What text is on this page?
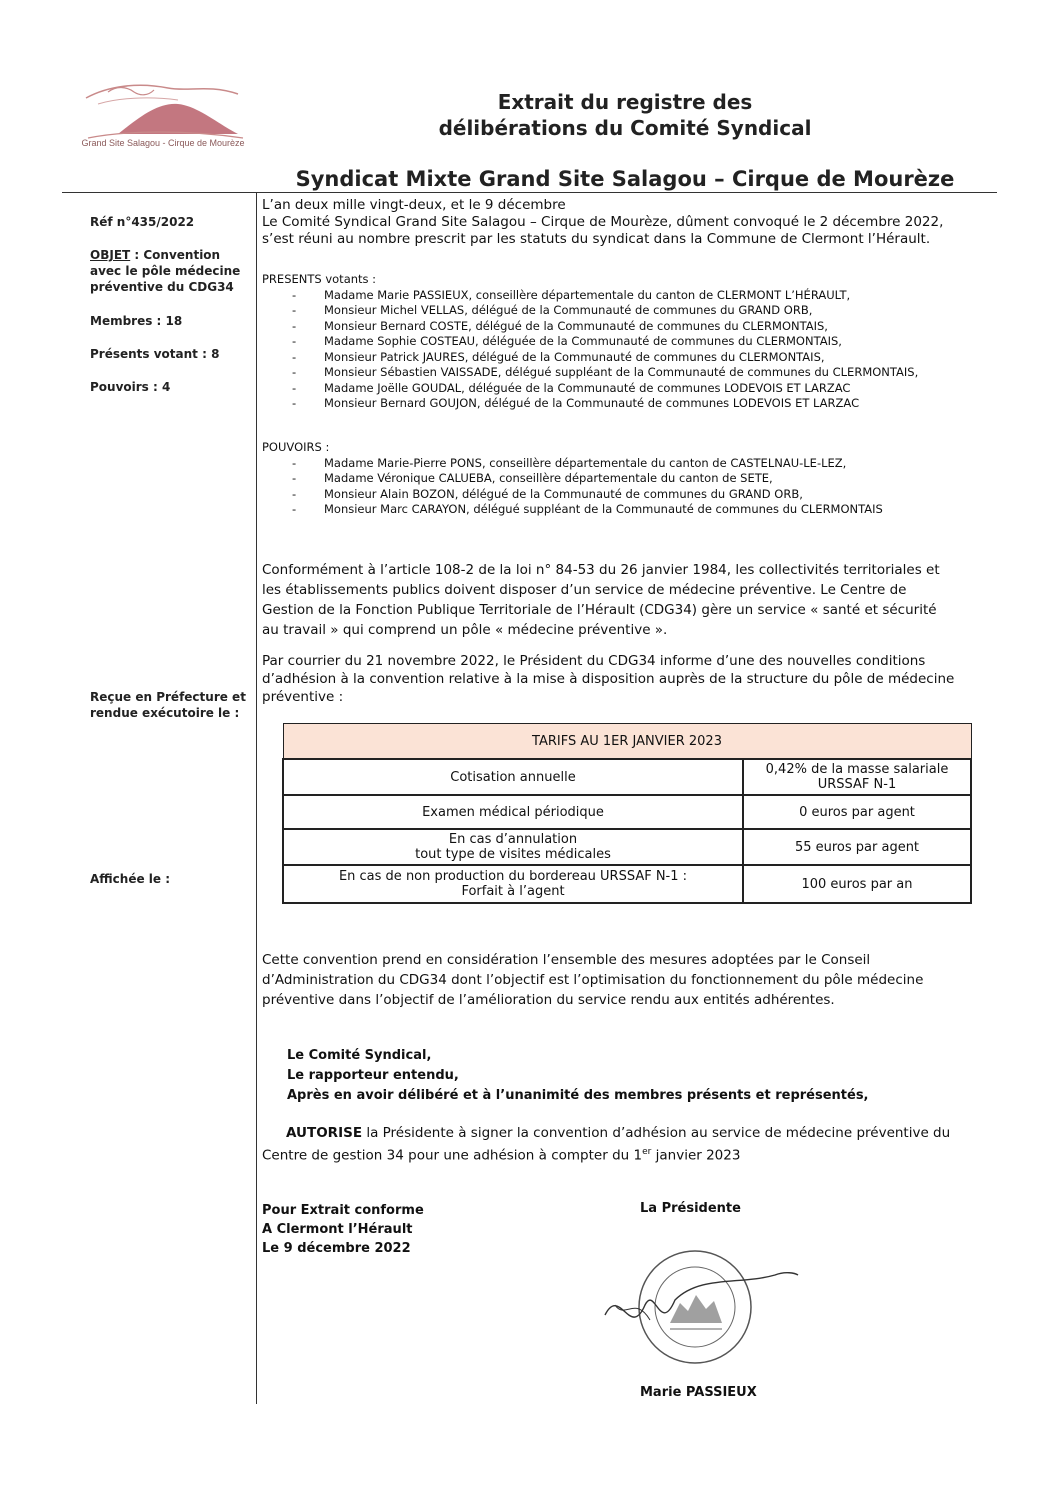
Grand Site Salagou - Cirque de Mourèze
Extrait du registre des
délibérations du Comité Syndical
Syndicat Mixte Grand Site Salagou – Cirque de Mourèze
Réf n°435/2022
OBJET : Convention
avec le pôle médecine
préventive du CDG34
Membres : 18
Présents votant : 8
Pouvoirs : 4
Reçue en Préfecture et
rendue exécutoire le :
Affichée le :
L’an deux mille vingt-deux, et le 9 décembre
Le Comité Syndical Grand Site Salagou – Cirque de Mourèze, dûment convoqué le 2 décembre 2022,
s’est réuni au nombre prescrit par les statuts du syndicat dans la Commune de Clermont l’Hérault.
PRESENTS votants :
- Madame Marie PASSIEUX, conseillère départementale du canton de CLERMONT L’HÉRAULT,
- Monsieur Michel VELLAS, délégué de la Communauté de communes du GRAND ORB,
- Monsieur Bernard COSTE, délégué de la Communauté de communes du CLERMONTAIS,
- Madame Sophie COSTEAU, déléguée de la Communauté de communes du CLERMONTAIS,
- Monsieur Patrick JAURES, délégué de la Communauté de communes du CLERMONTAIS,
- Monsieur Sébastien VAISSADE, délégué suppléant de la Communauté de communes du CLERMONTAIS,
- Madame Joëlle GOUDAL, déléguée de la Communauté de communes LODEVOIS ET LARZAC
- Monsieur Bernard GOUJON, délégué de la Communauté de communes LODEVOIS ET LARZAC
POUVOIRS :
- Madame Marie-Pierre PONS, conseillère départementale du canton de CASTELNAU-LE-LEZ,
- Madame Véronique CALUEBA, conseillère départementale du canton de SETE,
- Monsieur Alain BOZON, délégué de la Communauté de communes du GRAND ORB,
- Monsieur Marc CARAYON, délégué suppléant de la Communauté de communes du CLERMONTAIS
Conformément à l’article 108-2 de la loi n° 84-53 du 26 janvier 1984, les collectivités territoriales et
les établissements publics doivent disposer d’un service de médecine préventive. Le Centre de
Gestion de la Fonction Publique Territoriale de l’Hérault (CDG34) gère un service « santé et sécurité
au travail » qui comprend un pôle « médecine préventive ».
Par courrier du 21 novembre 2022, le Président du CDG34 informe d’une des nouvelles conditions
d’adhésion à la convention relative à la mise à disposition auprès de la structure du pôle de médecine
préventive :
TARIFS AU 1ER JANVIER 2023	

Cotisation annuelle	0,42% de la masse salariale
URSSAF N-1

Examen médical périodique	0 euros par agent

En cas d’annulation
tout type de visites médicales	55 euros par agent

En cas de non production du bordereau URSSAF N-1 :
Forfait à l’agent	100 euros par an
Cette convention prend en considération l’ensemble des mesures adoptées par le Conseil
d’Administration du CDG34 dont l’objectif est l’optimisation du fonctionnement du pôle médecine
préventive dans l’objectif de l’amélioration du service rendu aux entités adhérentes.
Le Comité Syndical,
Le rapporteur entendu,
Après en avoir délibéré et à l’unanimité des membres présents et représentés,
AUTORISE la Présidente à signer la convention d’adhésion au service de médecine préventive du
Centre de gestion 34 pour une adhésion à compter du 1er janvier 2023
Pour Extrait conforme
A Clermont l’Hérault
Le 9 décembre 2022
La Présidente
Marie PASSIEUX
